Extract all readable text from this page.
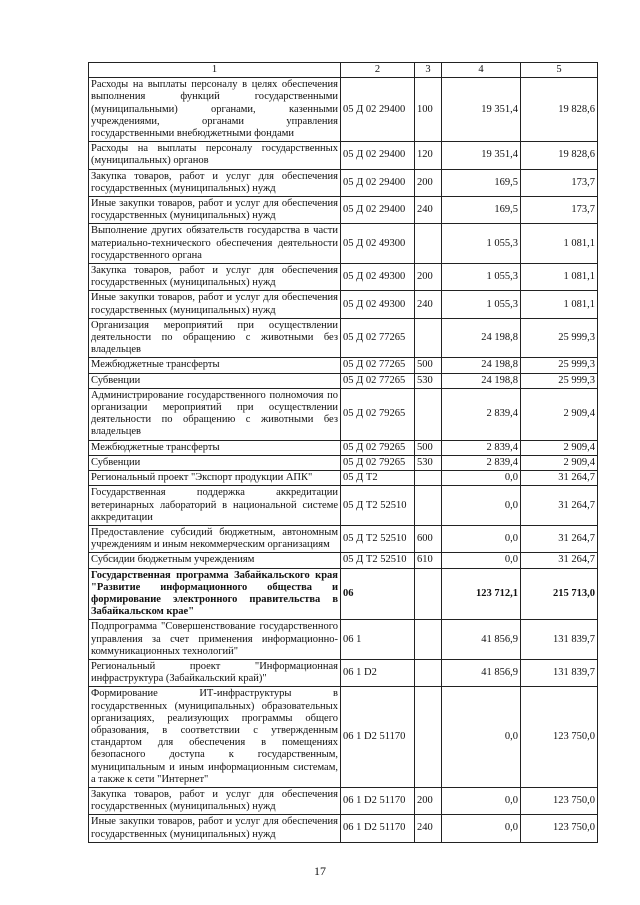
1	2	3	4	5
Расходы на выплаты персоналу в целях обеспечения выполнения функций государственными (муниципальными) органами, казенными учреждениями, органами управления государственными внебюджетными фондами	05 Д 02 29400	100	19 351,4	19 828,6
Расходы на выплаты персоналу государственных (муниципальных) органов	05 Д 02 29400	120	19 351,4	19 828,6
Закупка товаров, работ и услуг для обеспечения государственных (муниципальных) нужд	05 Д 02 29400	200	169,5	173,7
Иные закупки товаров, работ и услуг для обеспечения государственных (муниципальных) нужд	05 Д 02 29400	240	169,5	173,7
Выполнение других обязательств государства в части материально-технического обеспечения деятельности государственного органа	05 Д 02 49300		1 055,3	1 081,1
Закупка товаров, работ и услуг для обеспечения государственных (муниципальных) нужд	05 Д 02 49300	200	1 055,3	1 081,1
Иные закупки товаров, работ и услуг для обеспечения государственных (муниципальных) нужд	05 Д 02 49300	240	1 055,3	1 081,1
Организация мероприятий при осуществлении деятельности по обращению с животными без владельцев	05 Д 02 77265		24 198,8	25 999,3
Межбюджетные трансферты	05 Д 02 77265	500	24 198,8	25 999,3
Субвенции	05 Д 02 77265	530	24 198,8	25 999,3
Администрирование государственного полномочия по организации мероприятий при осуществлении деятельности по обращению с животными без владельцев	05 Д 02 79265		2 839,4	2 909,4
Межбюджетные трансферты	05 Д 02 79265	500	2 839,4	2 909,4
Субвенции	05 Д 02 79265	530	2 839,4	2 909,4
Региональный проект "Экспорт продукции АПК"	05 Д Т2		0,0	31 264,7
Государственная поддержка аккредитации ветеринарных лабораторий в национальной системе аккредитации	05 Д Т2 52510		0,0	31 264,7
Предоставление субсидий бюджетным, автономным учреждениям и иным некоммерческим организациям	05 Д Т2 52510	600	0,0	31 264,7
Субсидии бюджетным учреждениям	05 Д Т2 52510	610	0,0	31 264,7
Государственная программа Забайкальского края "Развитие информационного общества и формирование электронного правительства в Забайкальском крае"	06		123 712,1	215 713,0
Подпрограмма "Совершенствование государственного управления за счет применения информационно-коммуникационных технологий"	06 1		41 856,9	131 839,7
Региональный проект "Информационная инфраструктура (Забайкальский край)"	06 1 D2		41 856,9	131 839,7
Формирование ИТ-инфраструктуры в государственных (муниципальных) образовательных организациях, реализующих программы общего образования, в соответствии с утвержденным стандартом для обеспечения в помещениях безопасного доступа к государственным, муниципальным и иным информационным системам, а также к сети "Интернет"	06 1 D2 51170		0,0	123 750,0
Закупка товаров, работ и услуг для обеспечения государственных (муниципальных) нужд	06 1 D2 51170	200	0,0	123 750,0
Иные закупки товаров, работ и услуг для обеспечения государственных (муниципальных) нужд	06 1 D2 51170	240	0,0	123 750,0
17
